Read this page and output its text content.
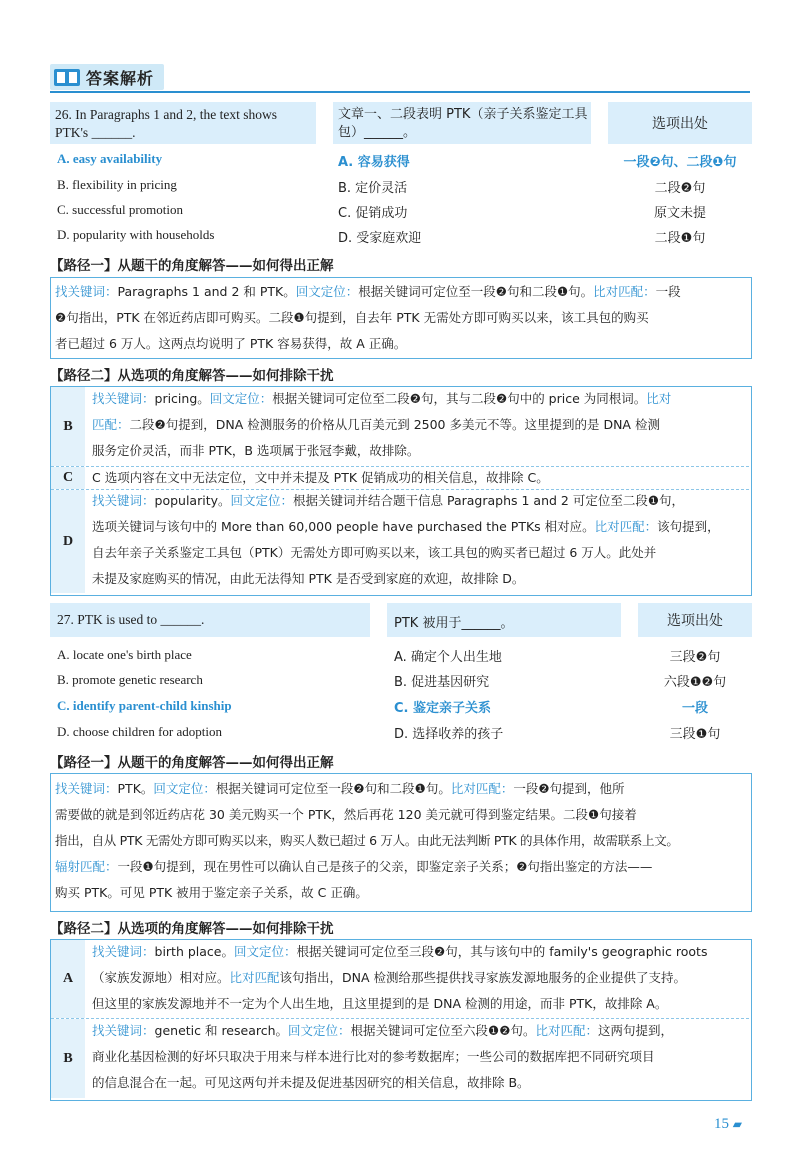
答案解析
26. In Paragraphs 1 and 2, the text shows PTK's ______.
文章一、二段表明 PTK（亲子关系鉴定工具包）______。
选项出处
A. easy availability	A. 容易获得	一段❷句、二段❶句
B. flexibility in pricing	B. 定价灵活	二段❷句
C. successful promotion	C. 促销成功	原文未提
D. popularity with households	D. 受家庭欢迎	二段❶句
【路径一】从题干的角度解答——如何得出正解
找关键词：Paragraphs 1 and 2 和 PTK。回文定位：根据关键词可定位至一段❷句和二段❶句。比对匹配：一段
❷句指出，PTK 在邻近药店即可购买。二段❶句提到，自去年 PTK 无需处方即可购买以来，该工具包的购买
者已超过 6 万人。这两点均说明了 PTK 容易获得，故 A 正确。
【路径二】从选项的角度解答——如何排除干扰
B
找关键词：pricing。回文定位：根据关键词可定位至二段❷句，其与二段❷句中的 price 为同根词。比对
匹配：二段❷句提到，DNA 检测服务的价格从几百美元到 2500 多美元不等。这里提到的是 DNA 检测
服务定价灵活，而非 PTK，B 选项属于张冠李戴，故排除。
C	C 选项内容在文中无法定位，文中并未提及 PTK 促销成功的相关信息，故排除 C。
D
找关键词：popularity。回文定位：根据关键词并结合题干信息 Paragraphs 1 and 2 可定位至二段❶句，
选项关键词与该句中的 More than 60,000 people have purchased the PTKs 相对应。比对匹配：该句提到，
自去年亲子关系鉴定工具包（PTK）无需处方即可购买以来，该工具包的购买者已超过 6 万人。此处并
未提及家庭购买的情况，由此无法得知 PTK 是否受到家庭的欢迎，故排除 D。
27. PTK is used to ______.	PTK 被用于______。	选项出处
A. locate one's birth place	A. 确定个人出生地	三段❷句
B. promote genetic research	B. 促进基因研究	六段❶❷句
C. identify parent-child kinship	C. 鉴定亲子关系	一段
D. choose children for adoption	D. 选择收养的孩子	三段❶句
【路径一】从题干的角度解答——如何得出正解
找关键词：PTK。回文定位：根据关键词可定位至一段❷句和二段❶句。比对匹配：一段❷句提到，他所
需要做的就是到邻近药店花 30 美元购买一个 PTK，然后再花 120 美元就可得到鉴定结果。二段❶句接着
指出，自从 PTK 无需处方即可购买以来，购买人数已超过 6 万人。由此无法判断 PTK 的具体作用，故需联系上文。
辐射匹配：一段❶句提到，现在男性可以确认自己是孩子的父亲，即鉴定亲子关系；❷句指出鉴定的方法——
购买 PTK。可见 PTK 被用于鉴定亲子关系，故 C 正确。
【路径二】从选项的角度解答——如何排除干扰
A
找关键词：birth place。回文定位：根据关键词可定位至三段❷句，其与该句中的 family's geographic roots
（家族发源地）相对应。比对匹配该句指出，DNA 检测给那些提供找寻家族发源地服务的企业提供了支持。
但这里的家族发源地并不一定为个人出生地，且这里提到的是 DNA 检测的用途，而非 PTK，故排除 A。
B
找关键词：genetic 和 research。回文定位：根据关键词可定位至六段❶❷句。比对匹配：这两句提到，
商业化基因检测的好坏只取决于用来与样本进行比对的参考数据库；一些公司的数据库把不同研究项目
的信息混合在一起。可见这两句并未提及促进基因研究的相关信息，故排除 B。
15 ▰
